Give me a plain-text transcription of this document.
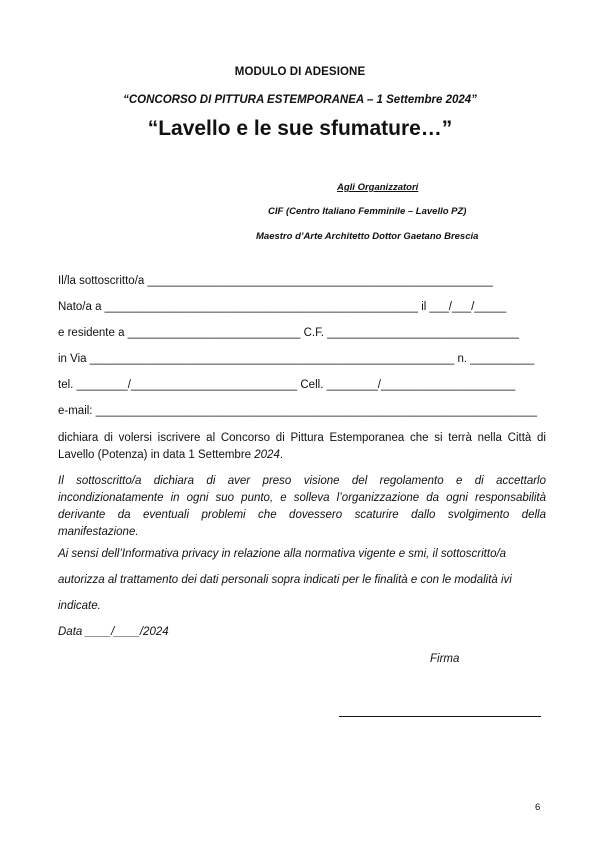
MODULO DI ADESIONE
“CONCORSO DI PITTURA ESTEMPORANEA – 1 Settembre 2024”
“Lavello e le sue sfumature…”
Agli Organizzatori
CIF (Centro Italiano Femminile – Lavello PZ)
Maestro d’Arte Architetto Dottor Gaetano Brescia
Il/la sottoscritto/a ______________________________________________________
Nato/a a _________________________________________________ il ___/___/_____
e residente a ___________________________ C.F. ______________________________
in Via _________________________________________________________ n. __________
tel. ________/__________________________ Cell. ________/_____________________
e-mail: _____________________________________________________________________
dichiara di volersi iscrivere al Concorso di Pittura Estemporanea che si terrà nella Città di Lavello (Potenza) in data 1 Settembre 2024.
Il sottoscritto/a dichiara di aver preso visione del regolamento e di accettarlo incondizionatamente in ogni suo punto, e solleva l’organizzazione da ogni responsabilità derivante da eventuali problemi che dovessero scaturire dallo svolgimento della manifestazione.
Ai sensi dell’Informativa privacy in relazione alla normativa vigente e smi, il sottoscritto/a
autorizza al trattamento dei dati personali sopra indicati per le finalità e con le modalità ivi
indicate.
Data ____/____/2024
Firma
6
